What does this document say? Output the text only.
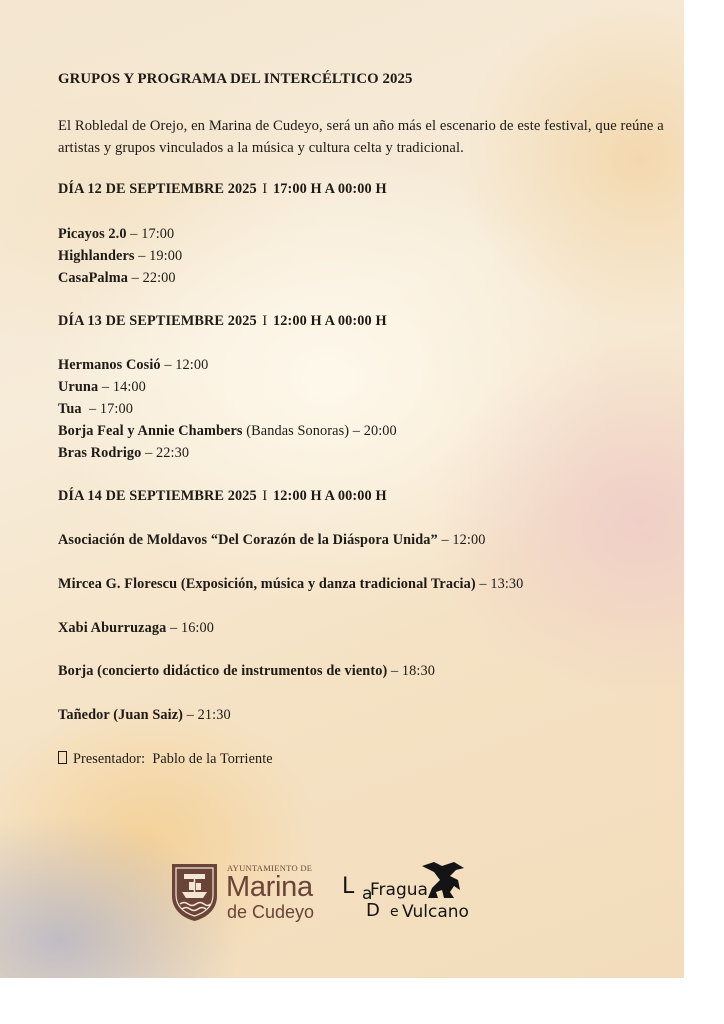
GRUPOS Y PROGRAMA DEL INTERCÉLTICO 2025
El Robledal de Orejo, en Marina de Cudeyo, será un año más el escenario de este festival, que reúne a artistas y grupos vinculados a la música y cultura celta y tradicional.
DÍA 12 DE SEPTIEMBRE 2025 I 17:00 H A 00:00 H
Picayos 2.0 – 17:00
Highlanders – 19:00
CasaPalma – 22:00
DÍA 13 DE SEPTIEMBRE 2025 I 12:00 H A 00:00 H
Hermanos Cosió – 12:00
Uruna – 14:00
Tua  – 17:00
Borja Feal y Annie Chambers (Bandas Sonoras) – 20:00
Bras Rodrigo – 22:30
DÍA 14 DE SEPTIEMBRE 2025 I 12:00 H A 00:00 H
Asociación de Moldavos “Del Corazón de la Diáspora Unida” – 12:00
Mircea G. Florescu (Exposición, música y danza tradicional Tracia) – 13:30
Xabi Aburruzaga – 16:00
Borja (concierto didáctico de instrumentos de viento) – 18:30
Tañedor (Juan Saiz) – 21:30
Presentador:  Pablo de la Torriente
AYUNTAMIENTO DE
Marina
de Cudeyo
L a
Fragua
D e Vulcano
